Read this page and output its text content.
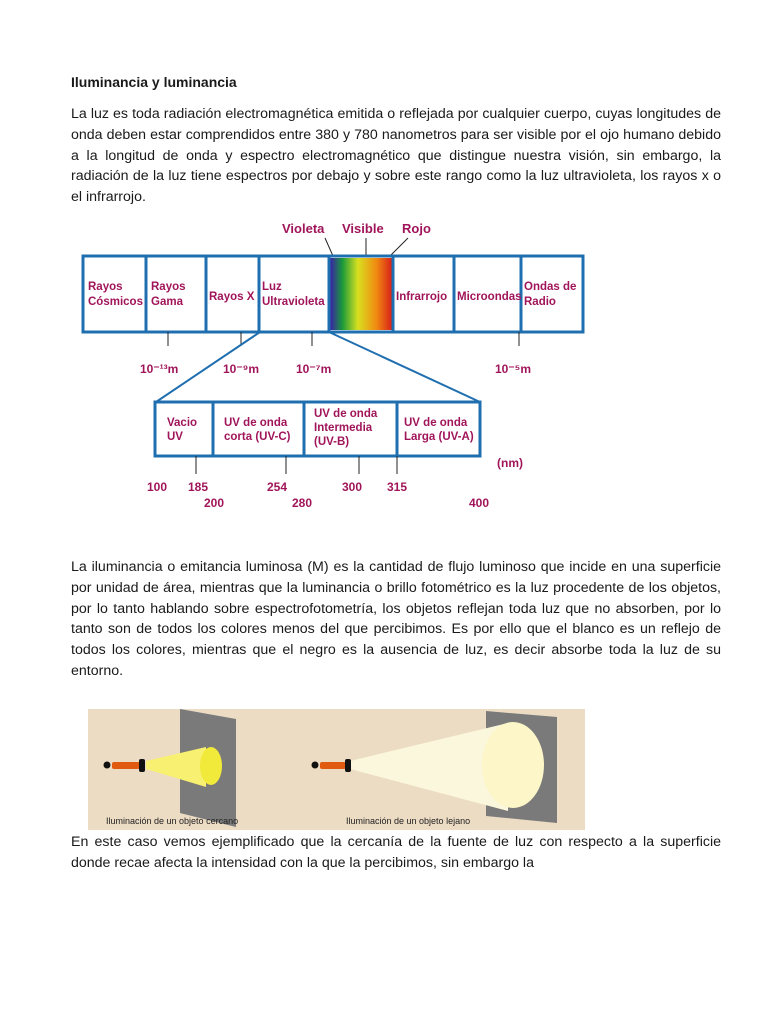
Iluminancia y luminancia
La luz es toda radiación electromagnética emitida o reflejada por cualquier cuerpo, cuyas longitudes de onda deben estar comprendidos entre 380 y 780 nanometros para ser visible por el ojo humano debido a la longitud de onda y espectro electromagnético que distingue nuestra visión, sin embargo, la radiación de la luz tiene espectros por debajo y sobre este rango como la luz ultravioleta, los rayos x o el infrarrojo.
Violeta Visible Rojo
Rayos Cósmicos
Rayos Gama Rayos X
Luz Ultravioleta	Infrarrojo Microondas
Ondas de Radio
10⁻¹³m	10⁻⁹m	10⁻⁷m	10⁻⁵m
Vacio UV
UV de onda corta (UV-C)
UV de onda Intermedia (UV-B)
UV de onda Larga (UV-A)
(nm)
100 185	254	300 315
200	280	400
La iluminancia o emitancia luminosa (M) es la cantidad de flujo luminoso que incide en una superficie por unidad de área, mientras que la luminancia o brillo fotométrico es la luz procedente de los objetos, por lo tanto hablando sobre espectrofotometría, los objetos reflejan toda luz que no absorben, por lo tanto son de todos los colores menos del que percibimos. Es por ello que el blanco es un reflejo de todos los colores, mientras que el negro es la ausencia de luz, es decir absorbe toda la luz de su entorno.
Iluminación de un objeto cercano	Iluminación de un objeto lejano
En este caso vemos ejemplificado que la cercanía de la fuente de luz con respecto a la superficie donde recae afecta la intensidad con la que la percibimos, sin embargo la
